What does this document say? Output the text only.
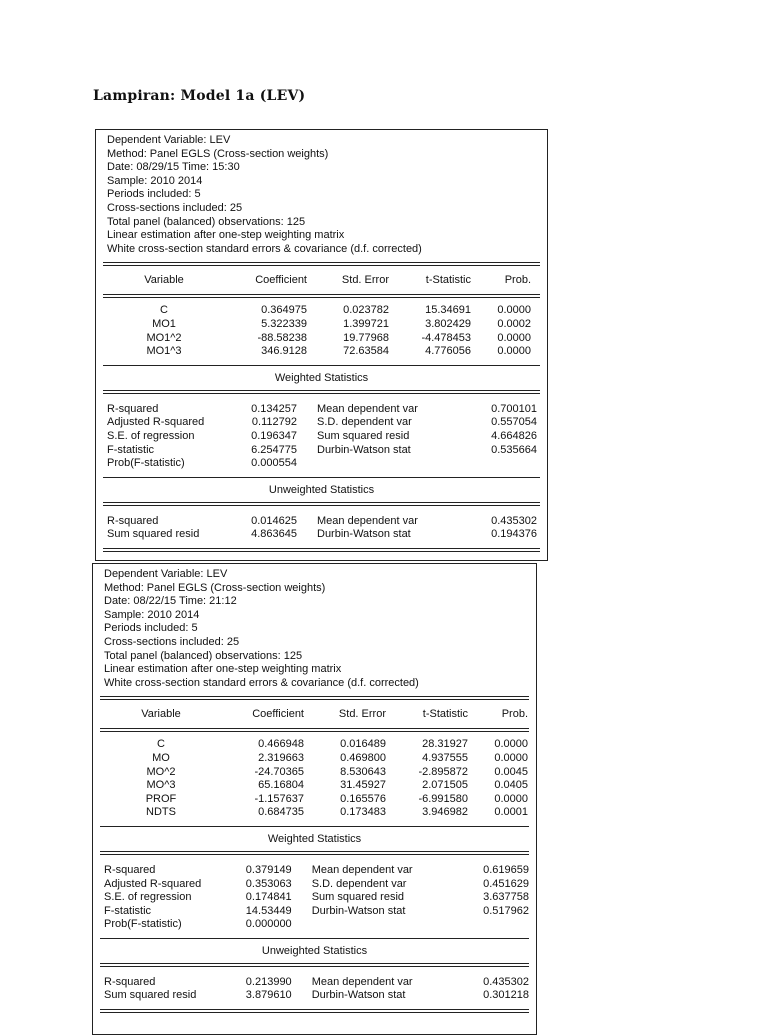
Lampiran: Model 1a (LEV)
Dependent Variable: LEV
Method: Panel EGLS (Cross-section weights)
Date: 08/29/15 Time: 15:30
Sample: 2010 2014
Periods included: 5
Cross-sections included: 25
Total panel (balanced) observations: 125
Linear estimation after one-step weighting matrix
White cross-section standard errors & covariance (d.f. corrected)
Variable	Coefficient	Std. Error	t-Statistic	Prob.
C	0.364975	0.023782	15.34691	0.0000
MO1	5.322339	1.399721	3.802429	0.0002
MO1^2	-88.58238	19.77968	-4.478453	0.0000
MO1^3	346.9128	72.63584	4.776056	0.0000
Weighted Statistics
R-squared	0.134257	Mean dependent var	0.700101
Adjusted R-squared	0.112792	S.D. dependent var	0.557054
S.E. of regression	0.196347	Sum squared resid	4.664826
F-statistic	6.254775	Durbin-Watson stat	0.535664
Prob(F-statistic)	0.000554
Unweighted Statistics
R-squared	0.014625	Mean dependent var	0.435302
Sum squared resid	4.863645	Durbin-Watson stat	0.194376
Dependent Variable: LEV
Method: Panel EGLS (Cross-section weights)
Date: 08/22/15 Time: 21:12
Sample: 2010 2014
Periods included: 5
Cross-sections included: 25
Total panel (balanced) observations: 125
Linear estimation after one-step weighting matrix
White cross-section standard errors & covariance (d.f. corrected)
Variable	Coefficient	Std. Error	t-Statistic	Prob.
C	0.466948	0.016489	28.31927	0.0000
MO	2.319663	0.469800	4.937555	0.0000
MO^2	-24.70365	8.530643	-2.895872	0.0045
MO^3	65.16804	31.45927	2.071505	0.0405
PROF	-1.157637	0.165576	-6.991580	0.0000
NDTS	0.684735	0.173483	3.946982	0.0001
Weighted Statistics
R-squared	0.379149	Mean dependent var	0.619659
Adjusted R-squared	0.353063	S.D. dependent var	0.451629
S.E. of regression	0.174841	Sum squared resid	3.637758
F-statistic	14.53449	Durbin-Watson stat	0.517962
Prob(F-statistic)	0.000000
Unweighted Statistics
R-squared	0.213990	Mean dependent var	0.435302
Sum squared resid	3.879610	Durbin-Watson stat	0.301218
